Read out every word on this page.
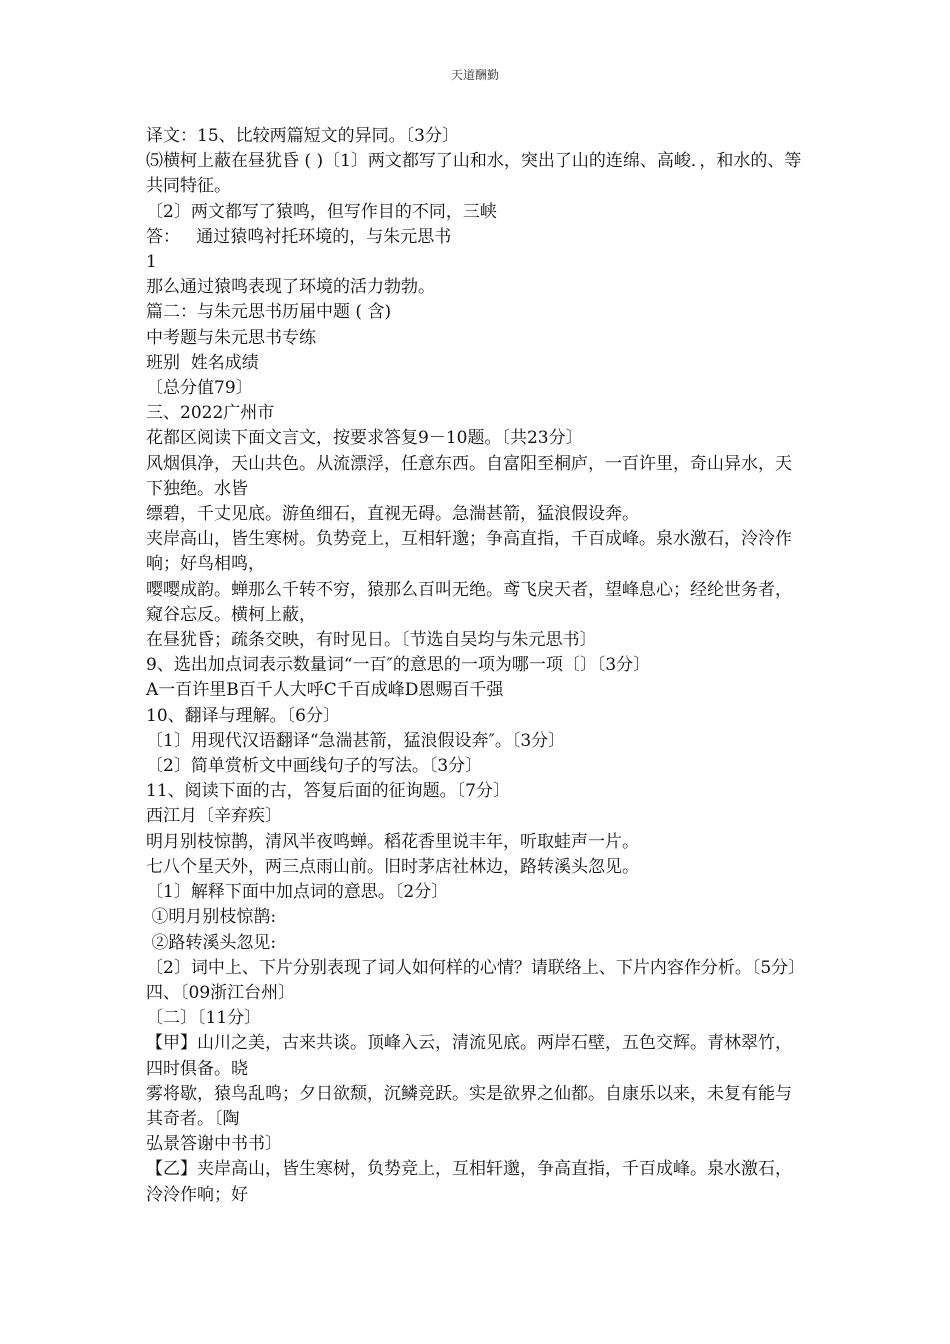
天道酬勤
译文：15、比较两篇短文的异同。〔3分〕
⑸横柯上蔽在昼犹昏 ( )〔1〕两文都写了山和水，突出了山的连绵、高峻．，和水的、等共同特征。
〔2〕两文都写了猿鸣，但写作目的不同，三峡
答：   通过猿鸣衬托环境的，与朱元思书
1
那么通过猿鸣表现了环境的活力勃勃。
篇二：与朱元思书历届中题 ( 含)
中考题与朱元思书专练
班别  姓名成绩
〔总分值79〕
三、2022广州市
花都区阅读下面文言文，按要求答复9－10题。〔共23分〕
风烟俱净，天山共色。从流漂浮，任意东西。自富阳至桐庐，一百许里，奇山异水，天下独绝。水皆
缥碧，千丈见底。游鱼细石，直视无碍。急湍甚箭，猛浪假设奔。
夹岸高山，皆生寒树。负势竞上，互相轩邈；争高直指，千百成峰。泉水激石，泠泠作响；好鸟相鸣，
嘤嘤成韵。蝉那么千转不穷，猿那么百叫无绝。鸢飞戾天者，望峰息心；经纶世务者，窥谷忘反。横柯上蔽，
在昼犹昏；疏条交映，有时见日。〔节选自吴均与朱元思书〕
9、选出加点词表示数量词“一百″的意思的一项为哪一项〔〕〔3分〕
A一百许里B百千人大呼C千百成峰D恩赐百千强
10、翻译与理解。〔6分〕
〔1〕用现代汉语翻译“急湍甚箭，猛浪假设奔″。〔3分〕
〔2〕简单赏析文中画线句子的写法。〔3分〕
11、阅读下面的古，答复后面的征询题。〔7分〕
西江月〔辛弃疾〕
明月别枝惊鹊，清风半夜鸣蝉。稻花香里说丰年，听取蛙声一片。
七八个星天外，两三点雨山前。旧时茅店社林边，路转溪头忽见。
〔1〕解释下面中加点词的意思。〔2分〕
①明月别枝惊鹊:
②路转溪头忽见:
〔2〕词中上、下片分别表现了词人如何样的心情？请联络上、下片内容作分析。〔5分〕
四、〔09浙江台州〕
〔二〕〔11分〕
【甲】山川之美，古来共谈。顶峰入云，清流见底。两岸石壁，五色交辉。青林翠竹，四时俱备。晓
雾将歇，猿鸟乱鸣；夕日欲颓，沉鳞竞跃。实是欲界之仙都。自康乐以来，未复有能与其奇者。〔陶
弘景答谢中书书〕
【乙】夹岸高山，皆生寒树，负势竞上，互相轩邈，争高直指，千百成峰。泉水激石，泠泠作响；好
